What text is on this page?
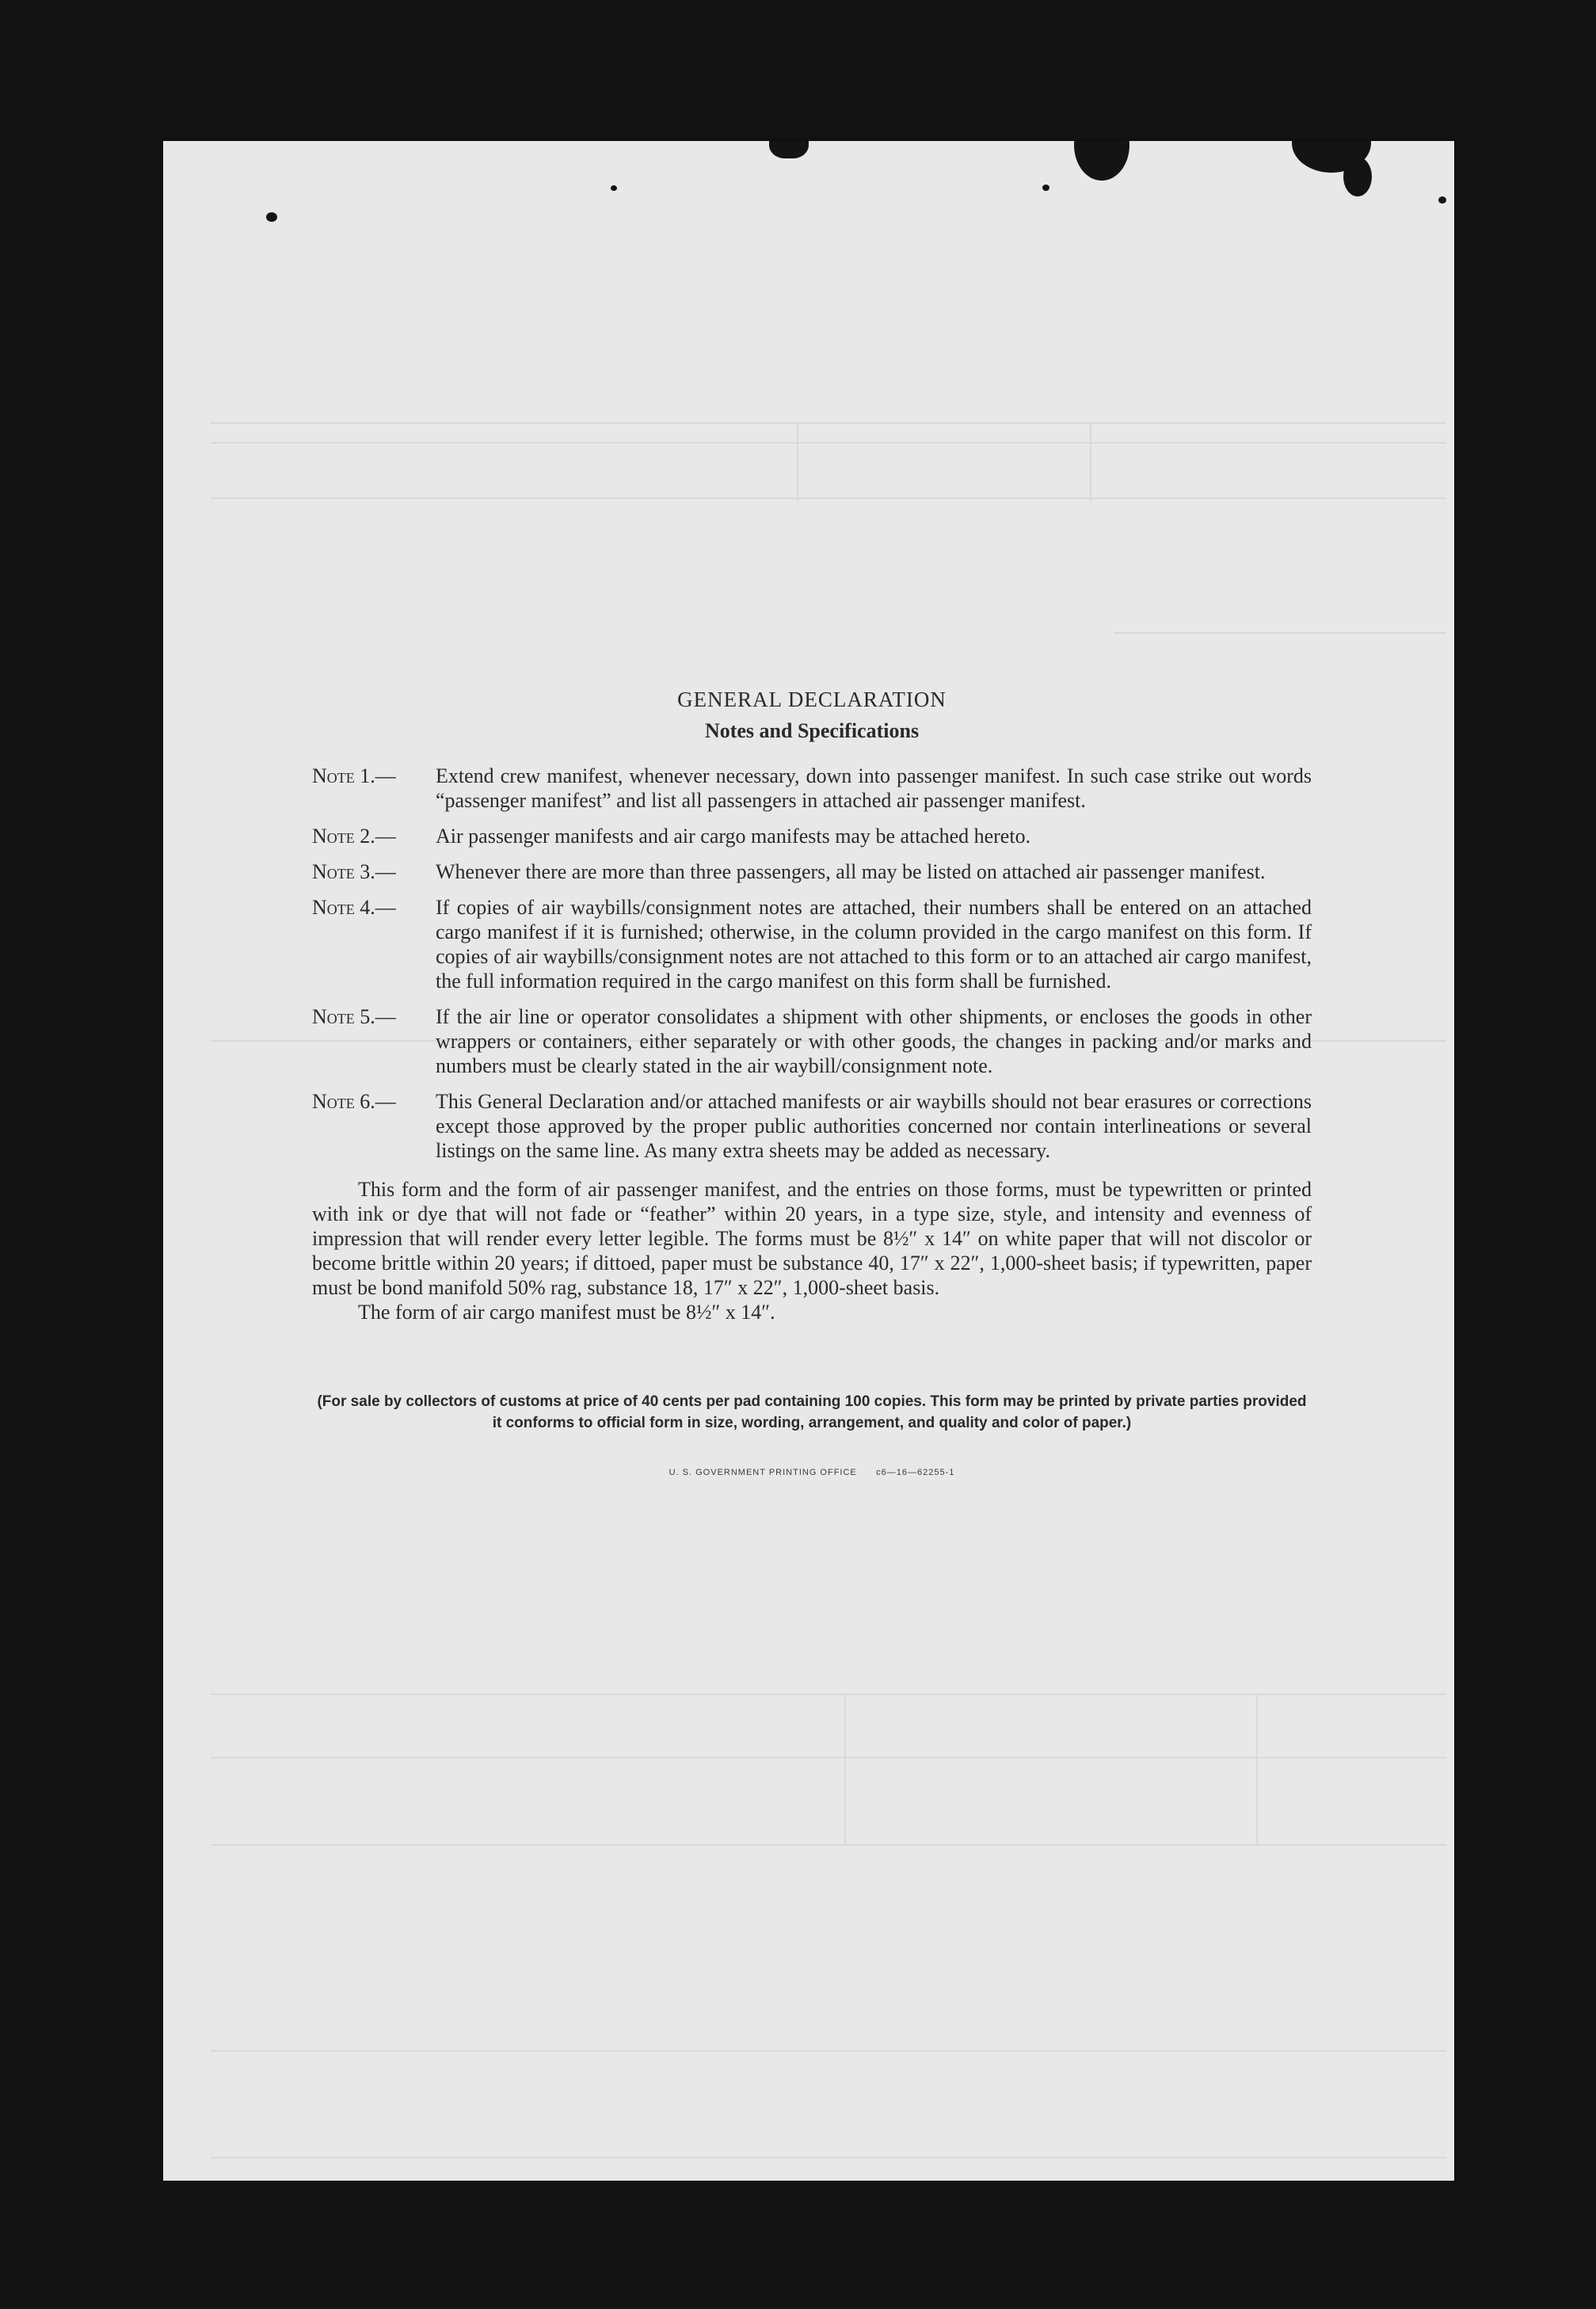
GENERAL DECLARATION
Notes and Specifications
Note 1.— Extend crew manifest, whenever necessary, down into passenger manifest. In such case strike out words “passenger manifest” and list all passengers in attached air passenger manifest.
Note 2.— Air passenger manifests and air cargo manifests may be attached hereto.
Note 3.— Whenever there are more than three passengers, all may be listed on attached air passenger manifest.
Note 4.— If copies of air waybills/consignment notes are attached, their numbers shall be entered on an attached cargo manifest if it is furnished; otherwise, in the column provided in the cargo manifest on this form. If copies of air waybills/consignment notes are not attached to this form or to an attached air cargo manifest, the full information required in the cargo manifest on this form shall be furnished.
Note 5.— If the air line or operator consolidates a shipment with other shipments, or encloses the goods in other wrappers or containers, either separately or with other goods, the changes in packing and/or marks and numbers must be clearly stated in the air waybill/consignment note.
Note 6.— This General Declaration and/or attached manifests or air waybills should not bear erasures or corrections except those approved by the proper public authorities concerned nor contain interlineations or several listings on the same line. As many extra sheets may be added as necessary.

This form and the form of air passenger manifest, and the entries on those forms, must be typewritten or printed with ink or dye that will not fade or “feather” within 20 years, in a type size, style, and intensity and evenness of impression that will render every letter legible. The forms must be 8½″ x 14″ on white paper that will not discolor or become brittle within 20 years; if dittoed, paper must be substance 40, 17″ x 22″, 1,000-sheet basis; if typewritten, paper must be bond manifold 50% rag, substance 18, 17″ x 22″, 1,000-sheet basis.

The form of air cargo manifest must be 8½″ x 14″.

(For sale by collectors of customs at price of 40 cents per pad containing 100 copies. This form may be printed by private parties provided it conforms to official form in size, wording, arrangement, and quality and color of paper.)
U. S. GOVERNMENT PRINTING OFFICE c6—16—62255-1
